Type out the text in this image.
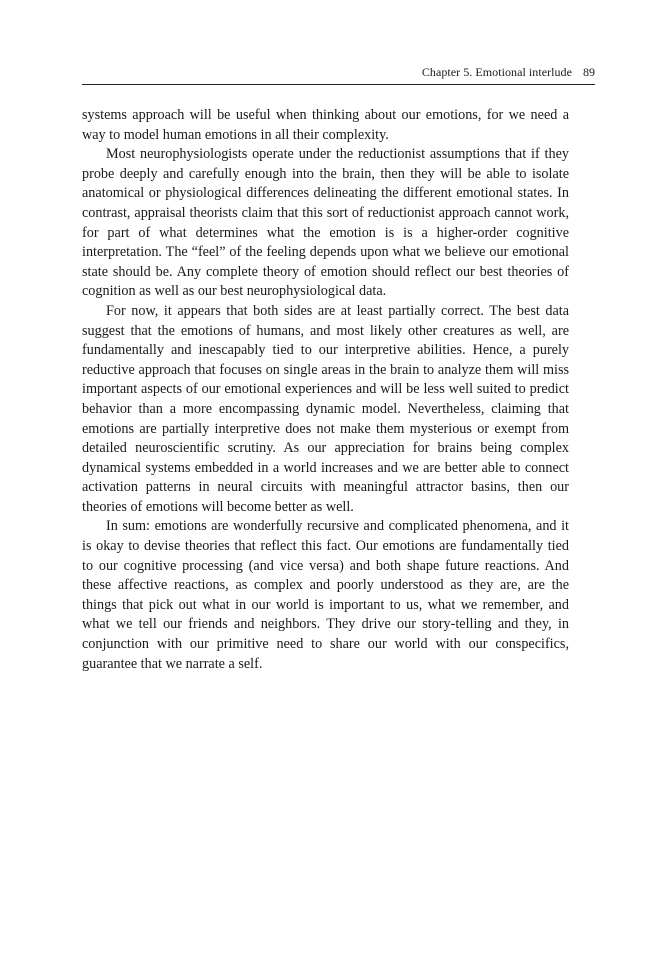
Chapter 5. Emotional interlude 89

systems approach will be useful when thinking about our emotions, for we need a way to model human emotions in all their complexity.

Most neurophysiologists operate under the reductionist assumptions that if they probe deeply and carefully enough into the brain, then they will be able to isolate anatomical or physiological differences delineating the different emotional states. In contrast, appraisal theorists claim that this sort of reductionist approach cannot work, for part of what determines what the emotion is is a higher-order cognitive interpretation. The “feel” of the feeling depends upon what we believe our emotional state should be. Any complete theory of emotion should reflect our best theories of cognition as well as our best neurophysiological data.

For now, it appears that both sides are at least partially correct. The best data suggest that the emotions of humans, and most likely other creatures as well, are fundamentally and inescapably tied to our interpretive abilities. Hence, a purely reductive approach that focuses on single areas in the brain to analyze them will miss important aspects of our emotional experiences and will be less well suited to predict behavior than a more encompassing dynamic model. Nevertheless, claiming that emotions are partially interpretive does not make them mysterious or exempt from detailed neuroscientific scrutiny. As our appreciation for brains being complex dynamical systems embedded in a world increases and we are better able to connect activation patterns in neural circuits with meaningful attractor basins, then our theories of emotions will become better as well.

In sum: emotions are wonderfully recursive and complicated phenomena, and it is okay to devise theories that reflect this fact. Our emotions are fundamentally tied to our cognitive processing (and vice versa) and both shape future reactions. And these affective reactions, as complex and poorly understood as they are, are the things that pick out what in our world is important to us, what we remember, and what we tell our friends and neighbors. They drive our story-telling and they, in conjunction with our primitive need to share our world with our conspecifics, guarantee that we narrate a self.
